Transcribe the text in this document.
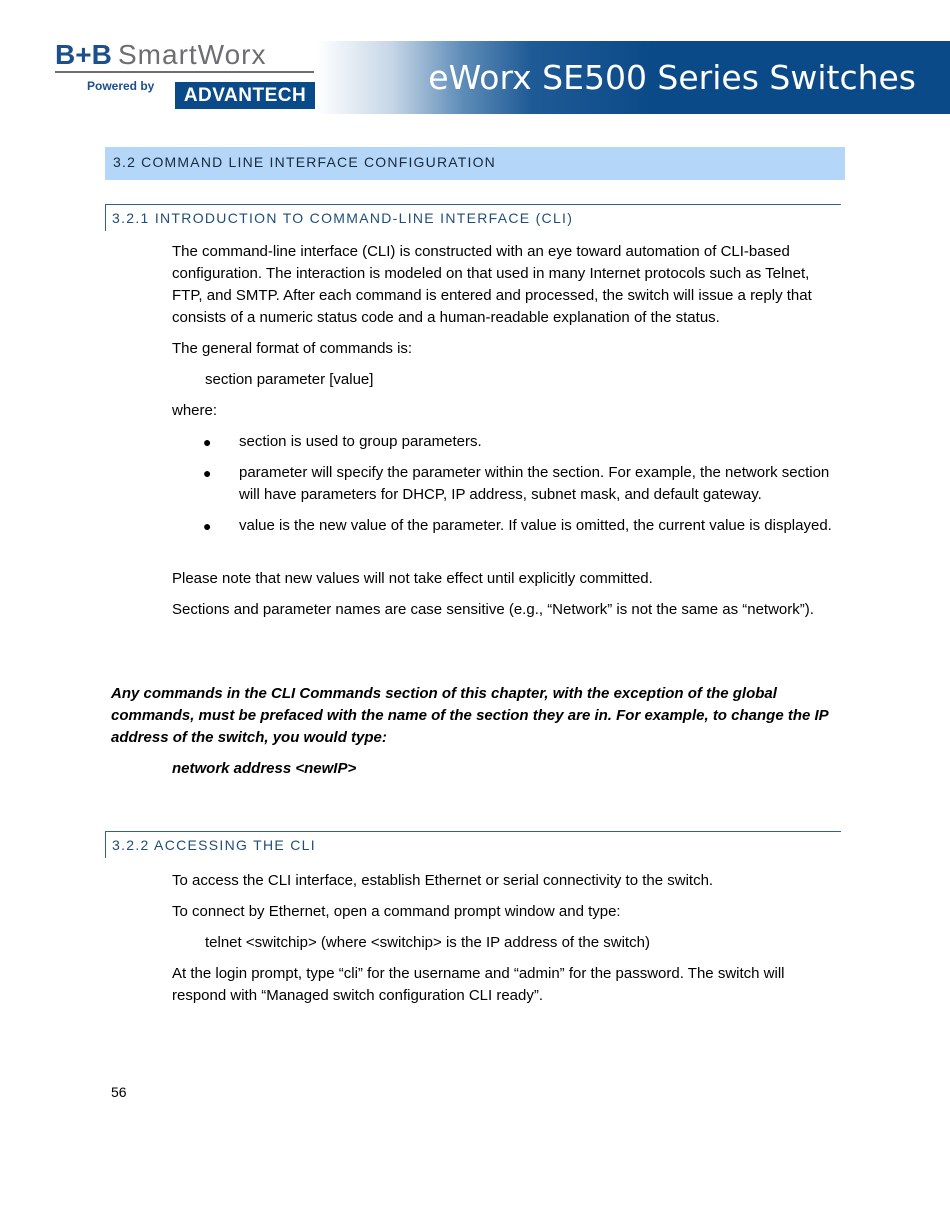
B+B SmartWorx
Powered by	ADVANTECH	eWorx SE500 Series Switches
3.2 COMMAND LINE INTERFACE CONFIGURATION
3.2.1 INTRODUCTION TO COMMAND-LINE INTERFACE (CLI)
The command-line interface (CLI) is constructed with an eye toward automation of CLI-based configuration. The interaction is modeled on that used in many Internet protocols such as Telnet, FTP, and SMTP. After each command is entered and processed, the switch will issue a reply that consists of a numeric status code and a human-readable explanation of the status.
The general format of commands is:
section parameter [value]
where:
● section is used to group parameters.
● parameter will specify the parameter within the section. For example, the network section will have parameters for DHCP, IP address, subnet mask, and default gateway.
● value is the new value of the parameter. If value is omitted, the current value is displayed.
Please note that new values will not take effect until explicitly committed.
Sections and parameter names are case sensitive (e.g., “Network” is not the same as “network”).
Any commands in the CLI Commands section of this chapter, with the exception of the global commands, must be prefaced with the name of the section they are in. For example, to change the IP address of the switch, you would type:
network address <newIP>
3.2.2 ACCESSING THE CLI
To access the CLI interface, establish Ethernet or serial connectivity to the switch.
To connect by Ethernet, open a command prompt window and type:
telnet <switchip> (where <switchip> is the IP address of the switch)
At the login prompt, type “cli” for the username and “admin” for the password. The switch will respond with “Managed switch configuration CLI ready”.
56
